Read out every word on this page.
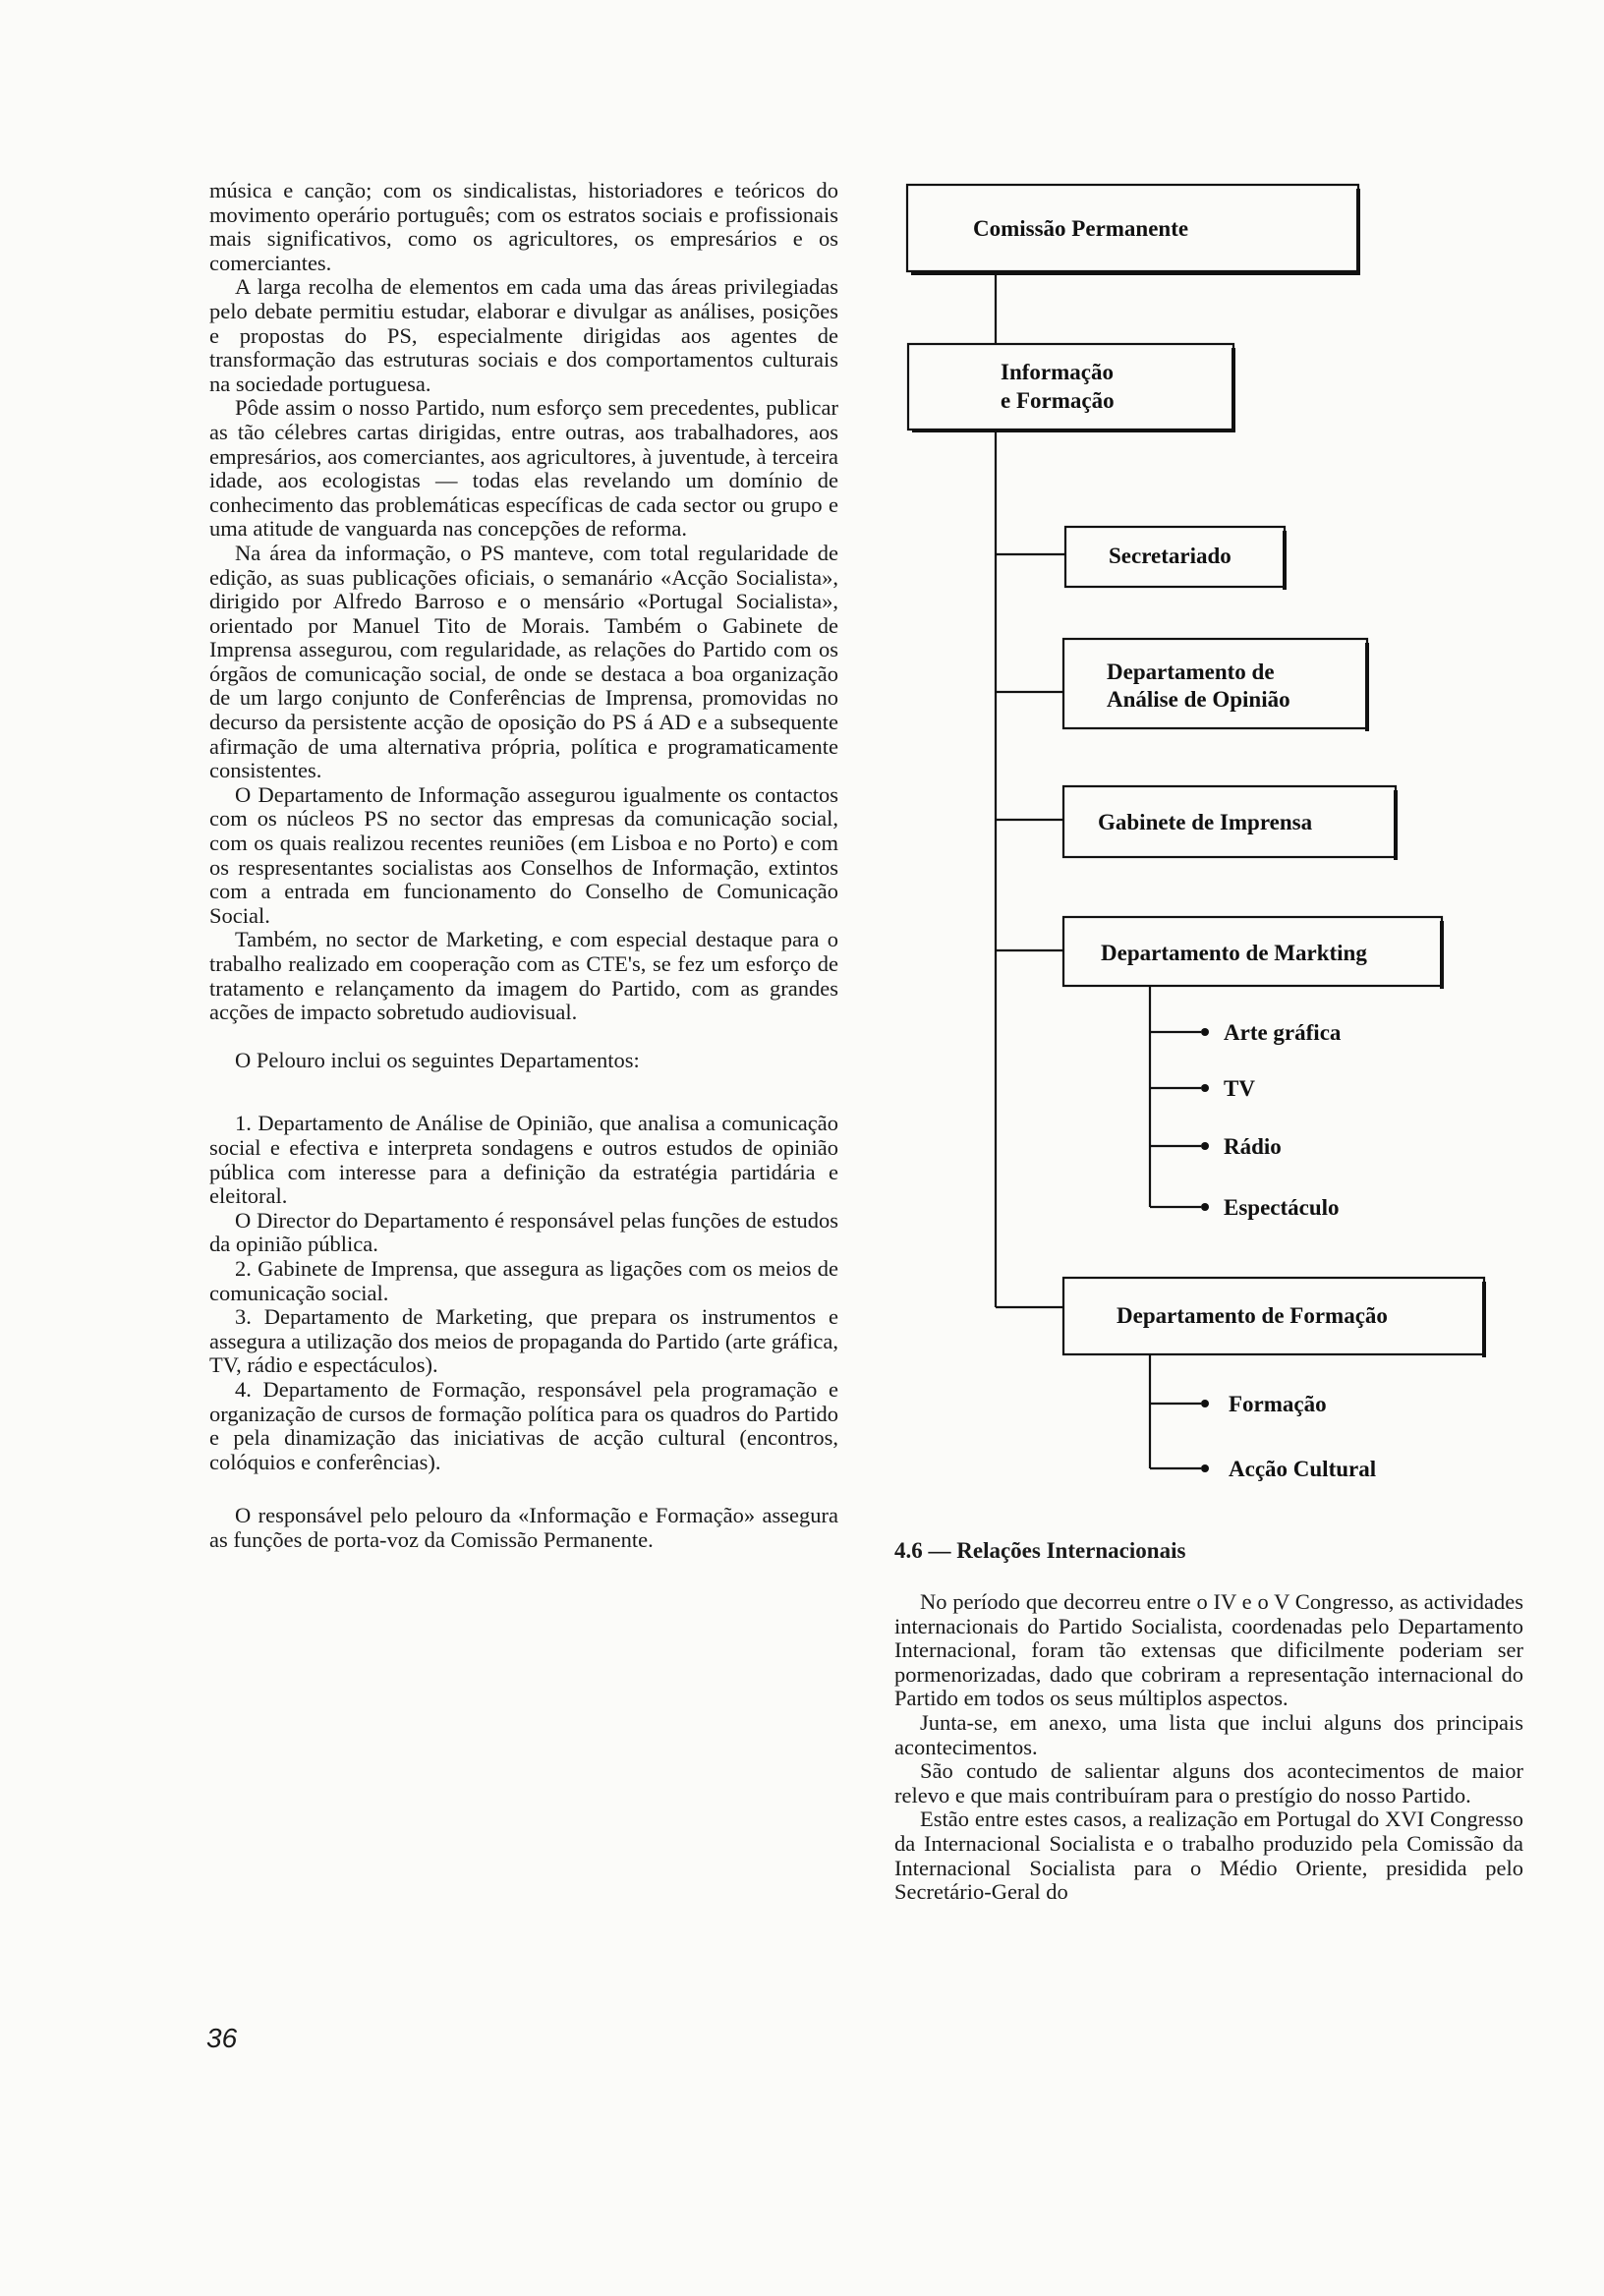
música e canção; com os sindicalistas, historiadores e teóricos do movimento operário português; com os estratos sociais e profissionais mais significativos, como os agricultores, os empresários e os comerciantes.

A larga recolha de elementos em cada uma das áreas privilegiadas pelo debate permitiu estudar, elaborar e divulgar as análises, posições e propostas do PS, especialmente dirigidas aos agentes de transformação das estruturas sociais e dos comportamentos culturais na sociedade portuguesa.

Pôde assim o nosso Partido, num esforço sem precedentes, publicar as tão célebres cartas dirigidas, entre outras, aos trabalhadores, aos empresários, aos comerciantes, aos agricultores, à juventude, à terceira idade, aos ecologistas — todas elas revelando um domínio de conhecimento das problemáticas específicas de cada sector ou grupo e uma atitude de vanguarda nas concepções de reforma.

Na área da informação, o PS manteve, com total regularidade de edição, as suas publicações oficiais, o semanário «Acção Socialista», dirigido por Alfredo Barroso e o mensário «Portugal Socialista», orientado por Manuel Tito de Morais. Também o Gabinete de Imprensa assegurou, com regularidade, as relações do Partido com os órgãos de comunicação social, de onde se destaca a boa organização de um largo conjunto de Conferências de Imprensa, promovidas no decurso da persistente acção de oposição do PS á AD e a subsequente afirmação de uma alternativa própria, política e programaticamente consistentes.

O Departamento de Informação assegurou igualmente os contactos com os núcleos PS no sector das empresas da comunicação social, com os quais realizou recentes reuniões (em Lisboa e no Porto) e com os respresentantes socialistas aos Conselhos de Informação, extintos com a entrada em funcionamento do Conselho de Comunicação Social.

Também, no sector de Marketing, e com especial destaque para o trabalho realizado em cooperação com as CTE's, se fez um esforço de tratamento e relançamento da imagem do Partido, com as grandes acções de impacto sobretudo audiovisual.

O Pelouro inclui os seguintes Departamentos:

1. Departamento de Análise de Opinião, que analisa a comunicação social e efectiva e interpreta sondagens e outros estudos de opinião pública com interesse para a definição da estratégia partidária e eleitoral.

O Director do Departamento é responsável pelas funções de estudos da opinião pública.

2. Gabinete de Imprensa, que assegura as ligações com os meios de comunicação social.

3. Departamento de Marketing, que prepara os instrumentos e assegura a utilização dos meios de propaganda do Partido (arte gráfica, TV, rádio e espectáculos).

4. Departamento de Formação, responsável pela programação e organização de cursos de formação política para os quadros do Partido e pela dinamização das iniciativas de acção cultural (encontros, colóquios e conferências).

O responsável pelo pelouro da «Informação e Formação» assegura as funções de porta-voz da Comissão Permanente.

36
Comissão Permanente
Informação
e Formação
Secretariado
Departamento de
Análise de Opinião
Gabinete de Imprensa
Departamento de Markting
Departamento de Formação
Arte gráfica
TV
Rádio
Espectáculo
Formação
Acção Cultural
4.6 — Relações Internacionais

No período que decorreu entre o IV e o V Congresso, as actividades internacionais do Partido Socialista, coordenadas pelo Departamento Internacional, foram tão extensas que dificilmente poderiam ser pormenorizadas, dado que cobriram a representação internacional do Partido em todos os seus múltiplos aspectos.

Junta-se, em anexo, uma lista que inclui alguns dos principais acontecimentos.

São contudo de salientar alguns dos acontecimentos de maior relevo e que mais contribuíram para o prestígio do nosso Partido.

Estão entre estes casos, a realização em Portugal do XVI Congresso da Internacional Socialista e o trabalho produzido pela Comissão da Internacional Socialista para o Médio Oriente, presidida pelo Secretário-Geral do
